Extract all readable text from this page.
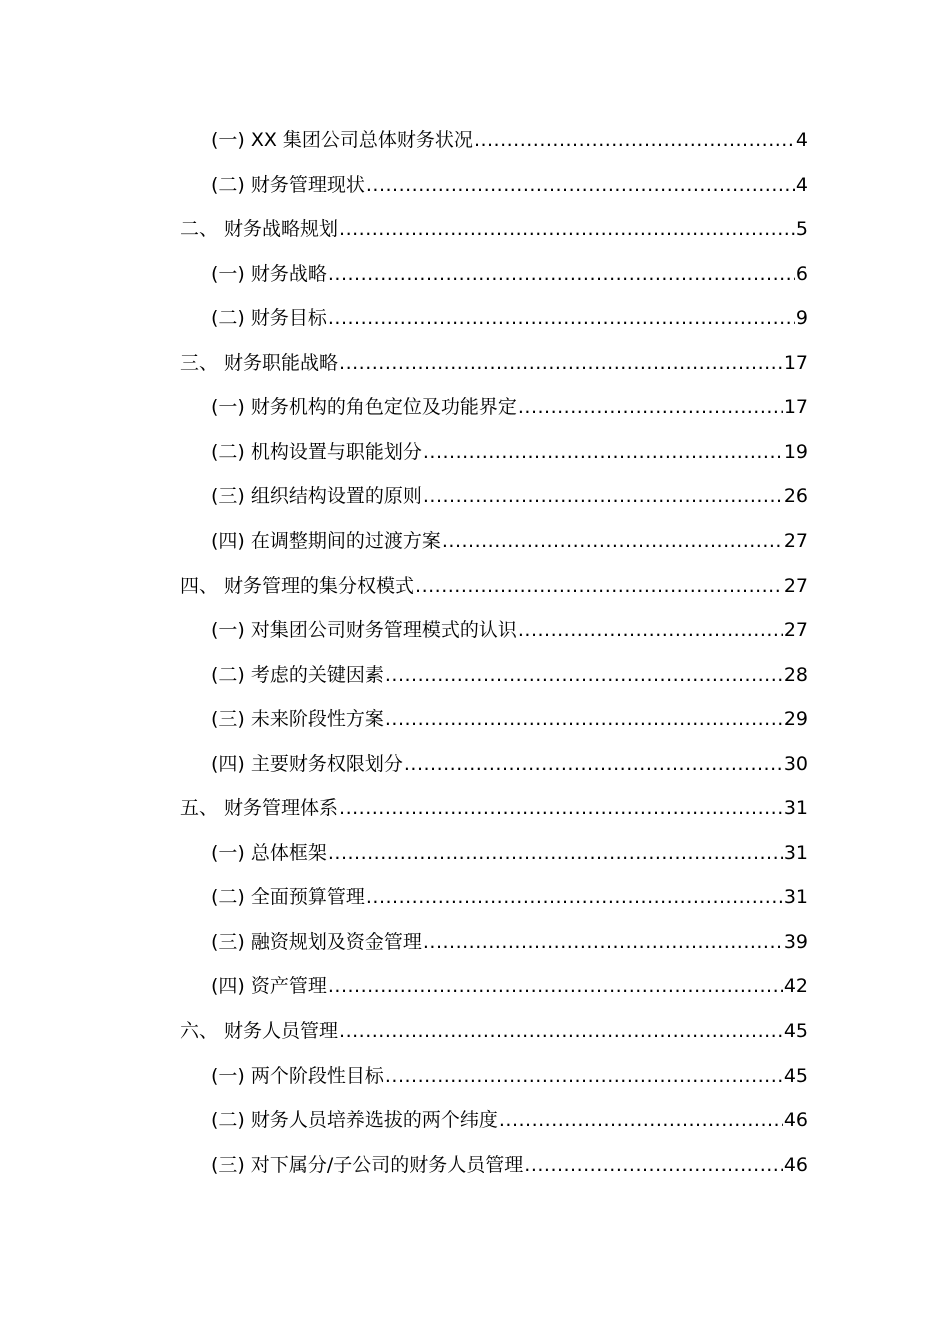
(一) XX 集团公司总体财务状况 .....	4
(二) 财务管理现状 .....	4
二、 财务战略规划 .....	5
(一) 财务战略 .....	6
(二) 财务目标 .....	9
三、 财务职能战略 .....	17
(一) 财务机构的角色定位及功能界定 .....	17
(二) 机构设置与职能划分 .....	19
(三) 组织结构设置的原则 .....	26
(四) 在调整期间的过渡方案 .....	27
四、 财务管理的集分权模式 .....	27
(一) 对集团公司财务管理模式的认识 .....	27
(二) 考虑的关键因素 .....	28
(三) 未来阶段性方案 .....	29
(四) 主要财务权限划分 .....	30
五、 财务管理体系 .....	31
(一) 总体框架 .....	31
(二) 全面预算管理 .....	31
(三) 融资规划及资金管理 .....	39
(四) 资产管理 .....	42
六、 财务人员管理 .....	45
(一) 两个阶段性目标 .....	45
(二) 财务人员培养选拔的两个纬度 .....	46
(三) 对下属分/子公司的财务人员管理 .....	46
